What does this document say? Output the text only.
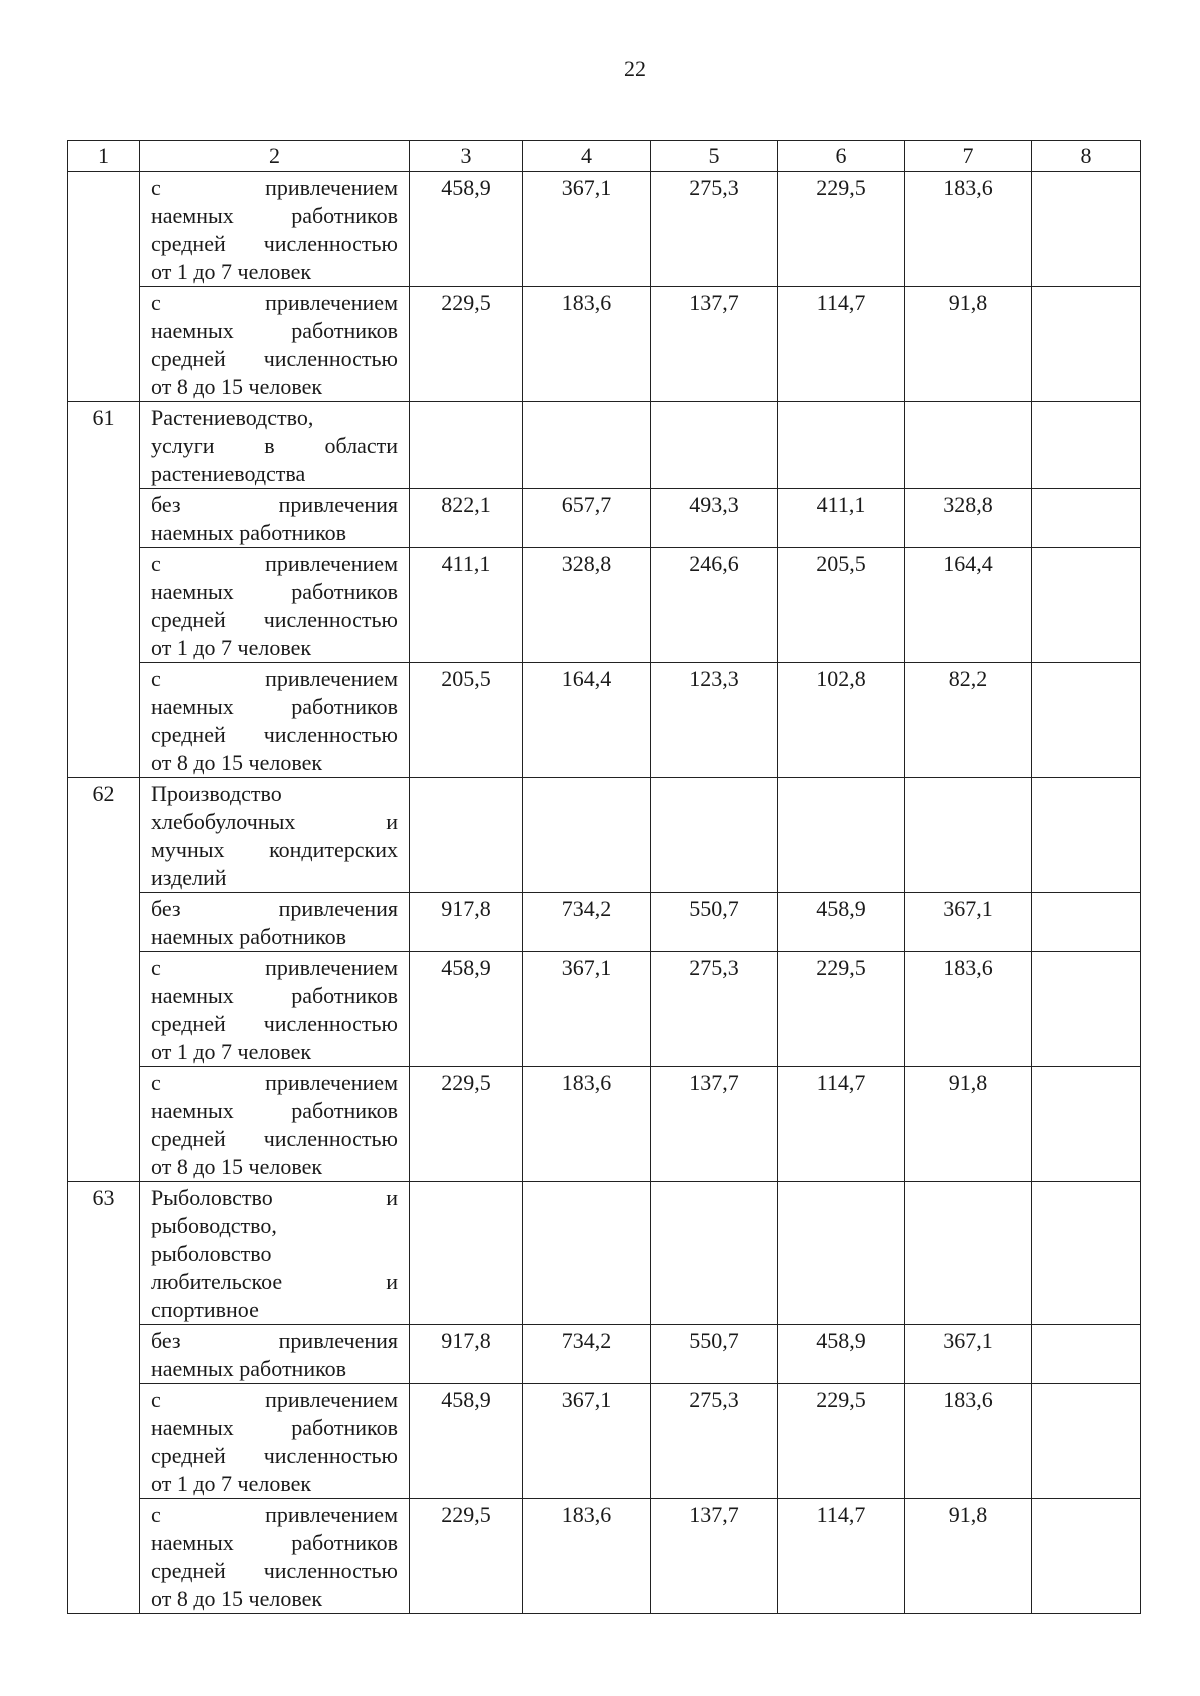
22
1	2	3	4	5	6	7	8

	с привлечением
наемных работников
средней численностью
от 1 до 7 человек	458,9	367,1	275,3	229,5	183,6	

	с привлечением
наемных работников
средней численностью
от 8 до 15 человек	229,5	183,6	137,7	114,7	91,8	
61	Растениеводство,
услуги в области
растениеводства						

	без привлечения
наемных работников	822,1	657,7	493,3	411,1	328,8	

	с привлечением
наемных работников
средней численностью
от 1 до 7 человек	411,1	328,8	246,6	205,5	164,4	

	с привлечением
наемных работников
средней численностью
от 8 до 15 человек	205,5	164,4	123,3	102,8	82,2	
62	Производство
хлебобулочных и
мучных кондитерских
изделий						

	без привлечения
наемных работников	917,8	734,2	550,7	458,9	367,1	

	с привлечением
наемных работников
средней численностью
от 1 до 7 человек	458,9	367,1	275,3	229,5	183,6	

	с привлечением
наемных работников
средней численностью
от 8 до 15 человек	229,5	183,6	137,7	114,7	91,8	
63	Рыболовство и
рыбоводство,
рыболовство
любительское и
спортивное						

	без привлечения
наемных работников	917,8	734,2	550,7	458,9	367,1	

	с привлечением
наемных работников
средней численностью
от 1 до 7 человек	458,9	367,1	275,3	229,5	183,6	

	с привлечением
наемных работников
средней численностью
от 8 до 15 человек	229,5	183,6	137,7	114,7	91,8	
